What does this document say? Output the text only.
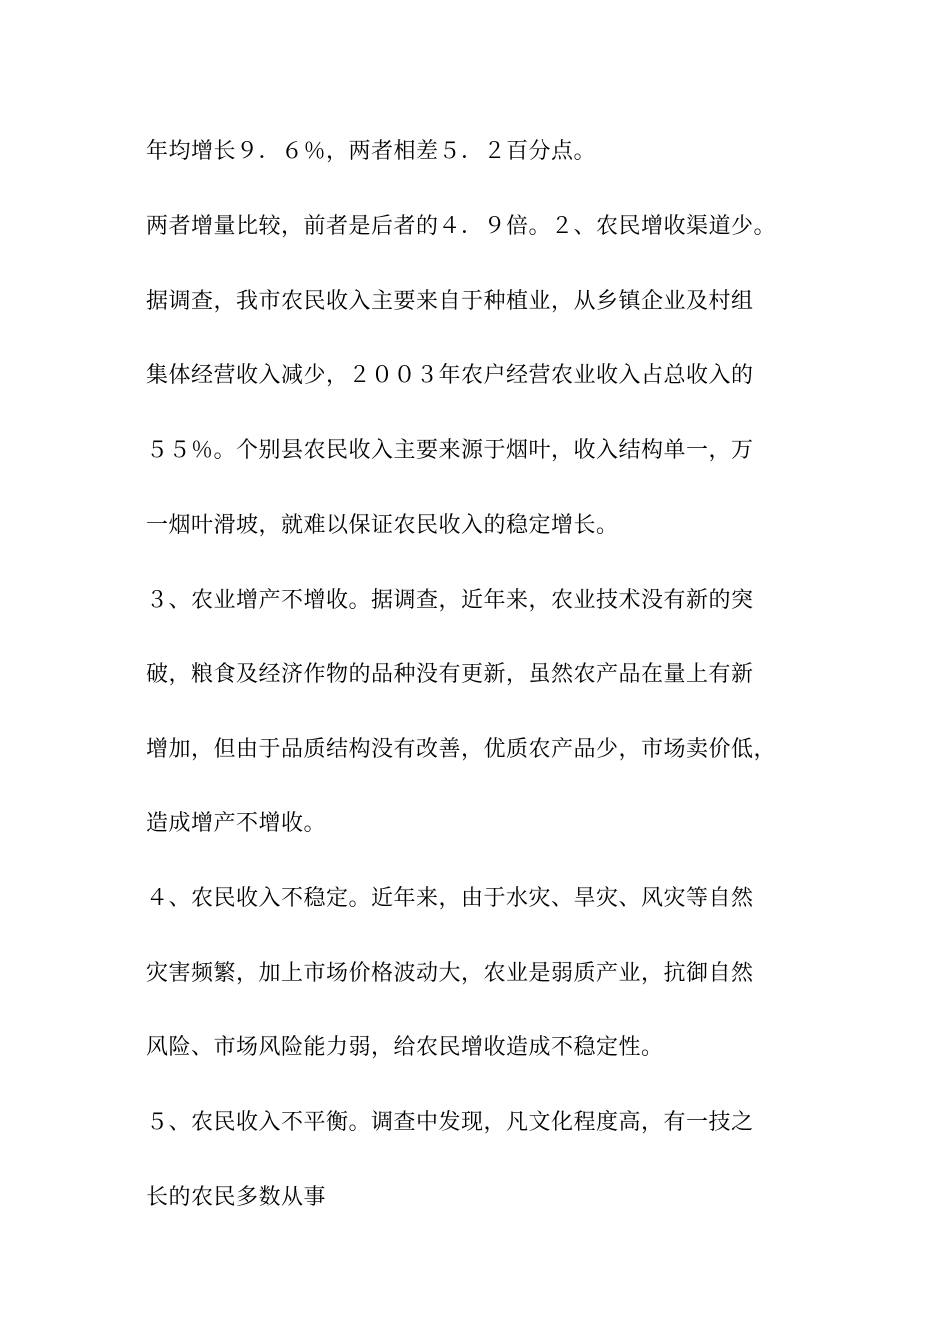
年均增长９．６％，两者相差５．２百分点。
两者增量比较，前者是后者的４．９倍。２、农民增收渠道少。
据调查，我市农民收入主要来自于种植业，从乡镇企业及村组
集体经营收入减少，２００３年农户经营农业收入占总收入的
５５％。个别县农民收入主要来源于烟叶，收入结构单一，万
一烟叶滑坡，就难以保证农民收入的稳定增长。
３、农业增产不增收。据调查，近年来，农业技术没有新的突
破，粮食及经济作物的品种没有更新，虽然农产品在量上有新
增加，但由于品质结构没有改善，优质农产品少，市场卖价低，
造成增产不增收。
４、农民收入不稳定。近年来，由于水灾、旱灾、风灾等自然
灾害频繁，加上市场价格波动大，农业是弱质产业，抗御自然
风险、市场风险能力弱，给农民增收造成不稳定性。
５、农民收入不平衡。调查中发现，凡文化程度高，有一技之
长的农民多数从事
